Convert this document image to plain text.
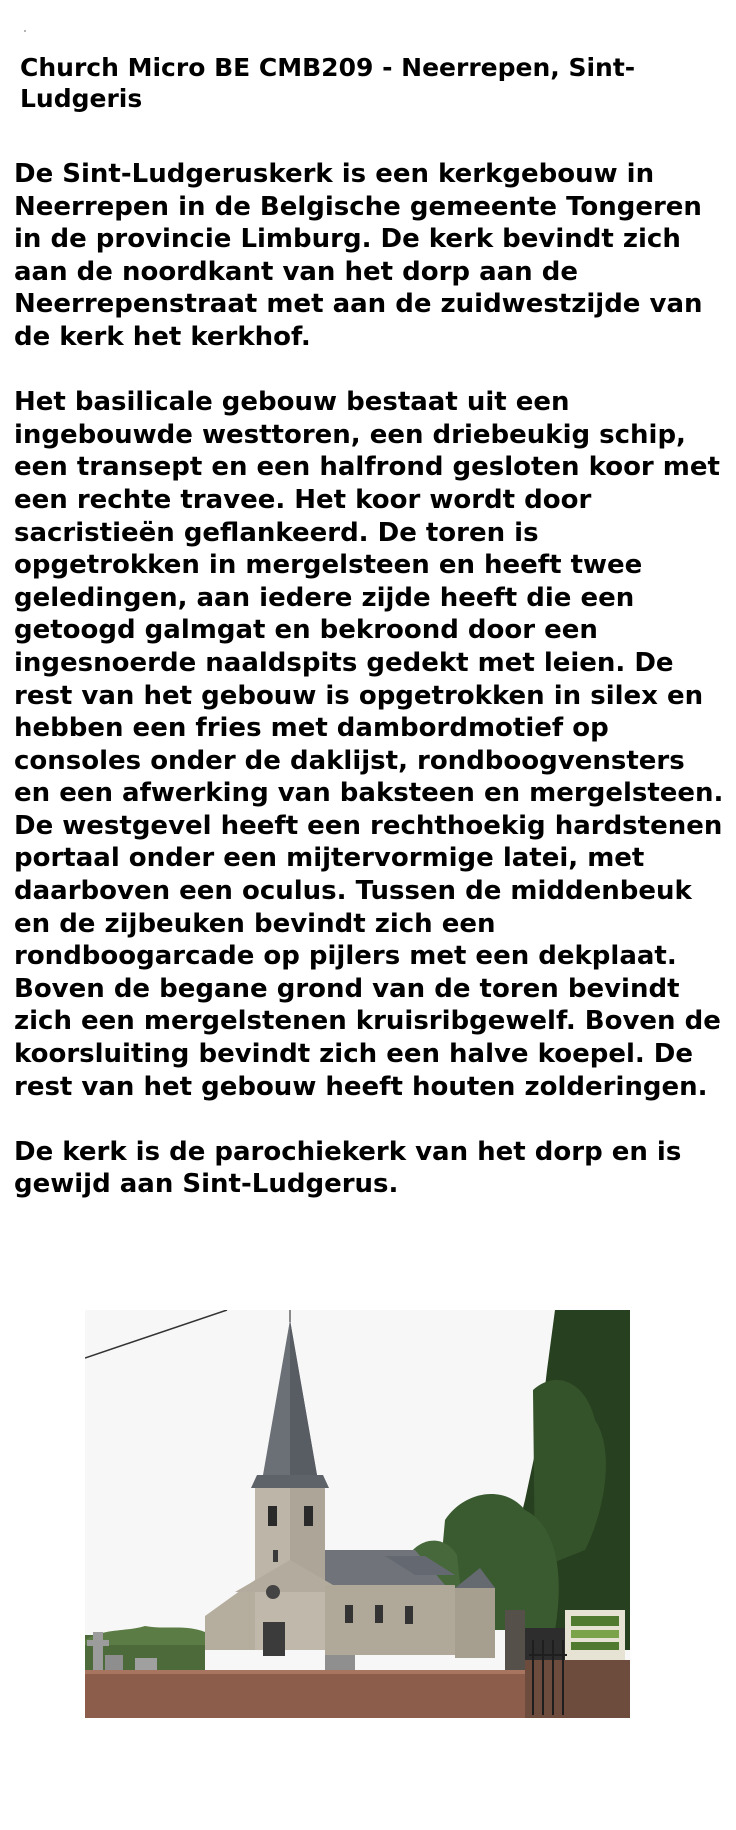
Church Micro BE CMB209 - Neerrepen, Sint-Ludgeris

De Sint-Ludgeruskerk is een kerkgebouw in Neerrepen in de Belgische gemeente Tongeren in de provincie Limburg. De kerk bevindt zich aan de noordkant van het dorp aan de Neerrepenstraat met aan de zuidwestzijde van de kerk het kerkhof.

Het basilicale gebouw bestaat uit een ingebouwde westtoren, een driebeukig schip, een transept en een halfrond gesloten koor met een rechte travee. Het koor wordt door sacristieën geflankeerd. De toren is opgetrokken in mergelsteen en heeft twee geledingen, aan iedere zijde heeft die een getoogd galmgat en bekroond door een ingesnoerde naaldspits gedekt met leien. De rest van het gebouw is opgetrokken in silex en hebben een fries met dambordmotief op consoles onder de daklijst, rondboogvensters en een afwerking van baksteen en mergelsteen. De westgevel heeft een rechthoekig hardstenen portaal onder een mijtervormige latei, met daarboven een oculus. Tussen de middenbeuk en de zijbeuken bevindt zich een rondboogarcade op pijlers met een dekplaat. Boven de begane grond van de toren bevindt zich een mergelstenen kruisribgewelf. Boven de koorsluiting bevindt zich een halve koepel. De rest van het gebouw heeft houten zolderingen.

De kerk is de parochiekerk van het dorp en is gewijd aan Sint-Ludgerus.
